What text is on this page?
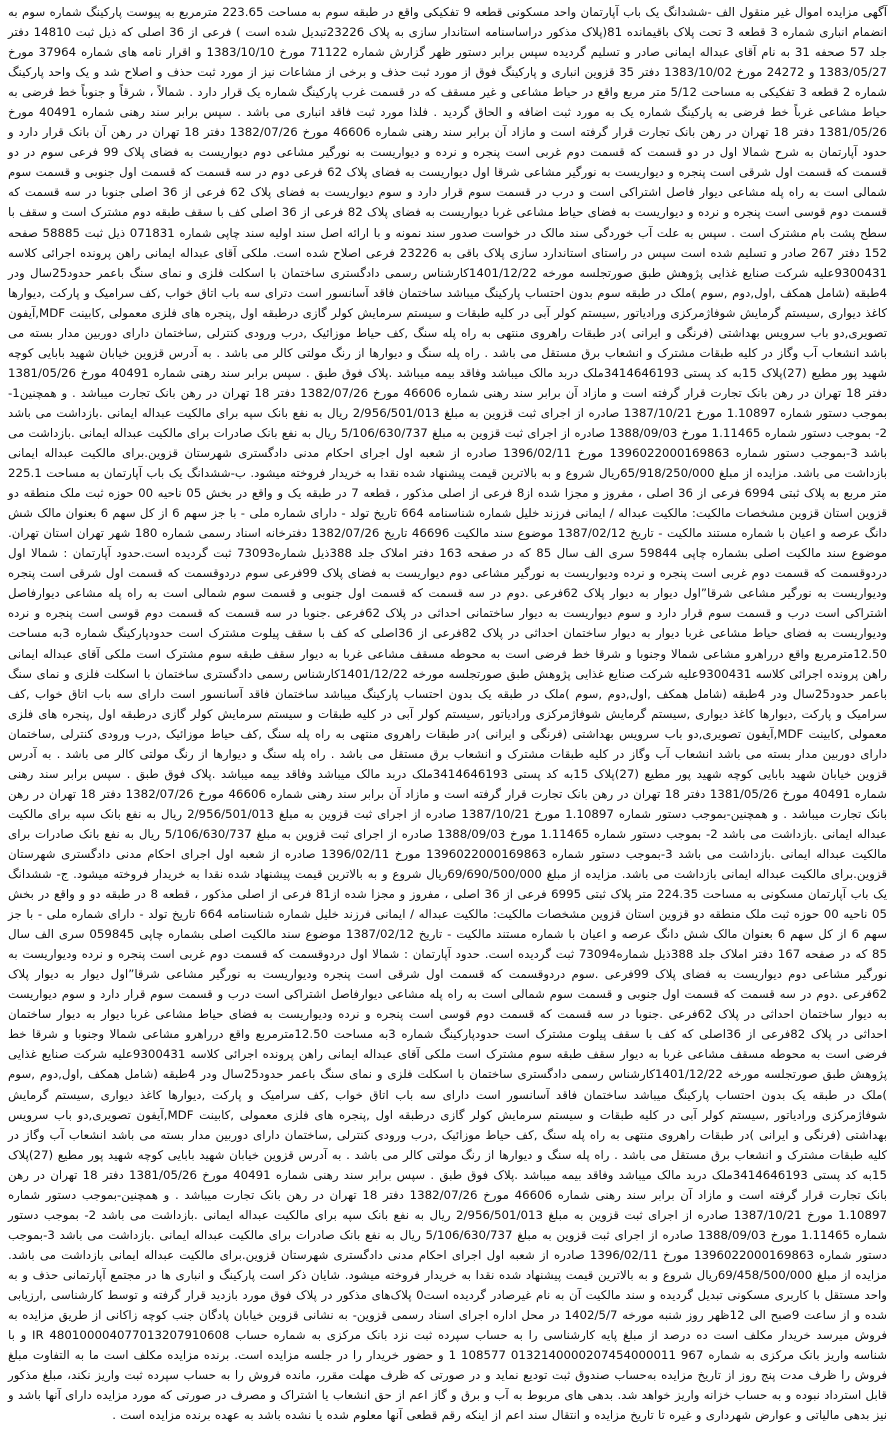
آگهی مزایده اموال غیر منقول الف -ششدانگ یک باب آپارتمان واحد مسکونی قطعه 9 تفکیکی واقع در طبقه سوم به مساحت 223.65 مترمربع به پیوست پارکینگ شماره سوم به انضمام انباری شماره 3 قطعه 3 تحت پلاک باقیمانده 81(پلاک مذکور دراساسنامه استاندار سازی به پلاک 23226تبدیل شده است ) فرعی از 36 اصلی که ذیل ثبت 14810 دفتر جلد 57 صحفه 31 به نام آقای عبداله ایمانی صادر و تسلیم گردیده سپس برابر دستور ظهر گزارش شماره 71122 مورخ 1383/10/10 و اقرار نامه های شماره 37964 مورخ 1383/05/27 و 24272 مورخ 1383/10/02 دفتر 35 قزوین انباری و پارکینگ فوق از مورد ثبت حذف و برخی از مشاعات نیز از مورد ثبت حذف و اصلاح شد و یک واحد پارکینگ شماره 2 قطعه 3 تفکیکی به مساحت 5/12 متر مربع واقع در حیاط مشاعی و غیر مسقف که در قسمت غرب پارکینگ شماره یک قرار دارد . شمالاً ، شرقاً و جنوباً خط فرضی به حیاط مشاعی غرباً خط فرضی به پارکینگ شماره یک به مورد ثبت اضافه و الحاق گردید . فلذا مورد ثبت فاقد انباری می باشد . سپس برابر سند رهنی شماره 40491 مورخ 1381/05/26 دفتر 18 تهران در رهن بانک تجارت قرار گرفته است و مازاد آن برابر سند رهنی شماره 46606 مورخ 1382/07/26 دفتر 18 تهران در رهن آن بانک قرار دارد و حدود آپارتمان به شرح شمالا اول در دو قسمت که قسمت دوم غربی است پنجره و نرده و دیواریست به نورگیر مشاعی دوم دیواریست به فضای پلاک 99 فرعی سوم در دو قسمت که قسمت اول شرقی است پنجره و دیواریست به نورگیر مشاعی شرقا اول دیواریست به فضای پلاک 62 فرعی دوم در سه قسمت که قسمت اول جنوبی و قسمت سوم شمالی است به راه پله مشاعی دیوار فاصل اشتراکی است و درب در قسمت سوم قرار دارد و سوم دیواریست به فضای پلاک 62 فرعی از 36 اصلی جنوبا در سه قسمت که قسمت دوم قوسی است پنجره و نرده و دیواریست به فضای حیاط مشاعی غربا دیواریست به فضای پلاک 82 فرعی از 36 اصلی کف با سقف طبقه دوم مشترک است و سقف با سطح پشت بام مشترک است . سپس به علت آب خوردگی سند مالک در خواست صدور سند نمونه و با ارائه اصل سند اولیه سند چاپی شماره 071831 ذیل ثبت 58885 صفحه 152 دفتر 267 صادر و تسلیم شده است سپس در راستای استاندارد سازی پلاک باقی به 23226 فرعی اصلاح شده است. ملکی آقای عبداله ایمانی راهن پرونده اجرائی کلاسه 9300431علیه شرکت صنایع غذایی پژوهش طبق صورتجلسه مورخه 1401/12/22کارشناس رسمی دادگستری ساختمان با اسکلت فلزی و نمای سنگ باعمر حدود25سال ودر 4طبقه (شامل همکف ,اول,دوم ,سوم )ملک در طبقه سوم بدون احتساب پارکینگ میباشد ساختمان فاقد آسانسور است دترای سه باب اتاق خواب ,کف سرامیک و پارکت ,دیوارها کاغذ دیواری ,سیستم گرمایش شوفاژمرکزی ورادیاتور ,سیستم کولر آبی در کلیه طبقات و سیستم سرمایش کولر گازی درطبقه اول ,پنجره های فلزی معمولی ,کابینت MDF,آیفون تصویری,دو باب سرویس بهداشتی (فرنگی و ایرانی )در طبقات راهروی منتهی به راه پله سنگ ,کف حیاط موزائیک ,درب ورودی کنترلی ,ساختمان دارای دوربین مدار بسته می باشد انشعاب آب وگاز در کلیه طبقات مشترک و انشعاب برق مستقل می باشد . راه پله سنگ و دیوارها از رنگ مولتی کالر می باشد . به آدرس قزوین خیابان شهید بابایی کوچه شهید پور مطیع (27)پلاک 15به کد پستی 3414646193ملک دربد مالک میباشد وفاقد بیمه میباشد .پلاک فوق طبق . سپس برابر سند رهنی شماره 40491 مورخ 1381/05/26 دفتر 18 تهران در رهن بانک تجارت قرار گرفته است و مازاد آن برابر سند رهنی شماره 46606 مورخ 1382/07/26 دفتر 18 تهران در رهن بانک تجارت میباشد . و همچنین1- بموجب دستور شماره 1.10897 مورخ 1387/10/21 صادره از اجرای ثبت قزوین به مبلغ 2/956/501/013 ریال به نفع بانک سپه برای مالکیت عبداله ایمانی .بازداشت می باشد 2- بموجب دستور شماره 1.11465 مورخ 1388/09/03 صادره از اجرای ثبت قزوین به مبلغ 5/106/630/737 ریال به نفع بانک صادرات برای مالکیت عبداله ایمانی .بازداشت می باشد 3-بموجب دستور شماره 139602200016986​3 مورخ 1396/02/11 صادره از شعبه اول اجرای احکام مدنی دادگستری شهرستان قزوین.برای مالکیت عبداله ایمانی بازداشت می باشد. مزایده از مبلغ 65/918/250/000ریال شروع و به بالاترین قیمت پیشنهاد شده نقدا به خریدار فروخته میشود. ب-ششدانگ یک باب آپارتمان به مساحت 225.1 متر مربع به پلاک ثبتی 6994 فرعی از 36 اصلی ، مفروز و مجزا شده از8 فرعی از اصلی مذکور ، قطعه 7 در طبقه یک و واقع در بخش 05 ناحیه 00 حوزه ثبت ملک منطقه دو قزوین استان قزوین مشخصات مالکیت: مالکیت عبداله / ایمانی فرزند خلیل شماره شناسنامه 664 تاریخ تولد - دارای شماره ملی - با جز سهم 6 از کل سهم 6 بعنوان مالک شش دانگ عرصه و اعیان با شماره مستند مالکیت - تاریخ 1387/02/12 موضوع سند مالکیت 46696 تاریخ 1382/07/26 دفترخانه اسناد رسمی شماره 180 شهر تهران استان تهران. موضوع سند مالکیت اصلی بشماره چاپی 59844 سری الف سال 85 که در صفحه 163 دفتر املاک جلد 388ذیل شماره73093 ثبت گردیده است.حدود آپارتمان : شمالا اول دردوقسمت که قسمت دوم غربی است پنجره و نرده ودیواریست به نورگیر مشاعی دوم دیواریست به فضای پلاک 99فرعی سوم دردوقسمت که قسمت اول شرقی است پنجره ودیواریست به نورگیر مشاعی شرقا”اول دیوار به دیوار پلاک 62فرعی .دوم در سه قسمت که قسمت اول جنوبی و قسمت سوم شمالی است به راه پله مشاعی دیوارفاصل اشتراکی است درب و قسمت سوم قرار دارد و سوم دیواریست به دیوار ساختمانی احداثی در پلاک 62فرعی .جنوبا در سه قسمت که قسمت دوم قوسی است پنجره و نرده ودیواریست به فضای حیاط مشاعی غربا دیوار به دیوار ساختمان احداثی در پلاک 82فرعی از 36اصلی که کف با سقف پیلوت مشترک است حدودپارکینگ شماره 3به مساحت 12.50مترمربع واقع درراهرو مشاعی شمالا وجنوبا و شرقا خط فرضی است به محوطه مسقف مشاعی غربا به دیوار سقف طبقه سوم مشترک است ملکی آقای عبداله ایمانی راهن پرونده اجرائی کلاسه 9300431علیه شرکت صنایع غذایی پژوهش طبق صورتجلسه مورخه 1401/12/22کارشناس رسمی دادگستری ساختمان با اسکلت فلزی و نمای سنگ باعمر حدود25سال ودر 4طبقه (شامل همکف ,اول,دوم ,سوم )ملک در طبقه یک بدون احتساب پارکینگ میباشد ساختمان فاقد آسانسور است دارای سه باب اتاق خواب ,کف سرامیک و پارکت ,دیوارها کاغذ دیواری ,سیستم گرمایش شوفاژمرکزی ورادیاتور ,سیستم کولر آبی در کلیه طبقات و سیستم سرمایش کولر گازی درطبقه اول ,پنجره های فلزی معمولی ,کابینت MDF,آیفون تصویری,دو باب سرویس بهداشتی (فرنگی و ایرانی )در طبقات راهروی منتهی به راه پله سنگ ,کف حیاط موزائیک ,درب ورودی کنترلی ,ساختمان دارای دوربین مدار بسته می باشد انشعاب آب وگاز در کلیه طبقات مشترک و انشعاب برق مستقل می باشد . راه پله سنگ و دیوارها از رنگ مولتی کالر می باشد . به آدرس قزوین خیابان شهید بابایی کوچه شهید پور مطیع (27)پلاک 15به کد پستی 3414646193ملک دربد مالک میباشد وفاقد بیمه میباشد .پلاک فوق طبق . سپس برابر سند رهنی شماره 40491 مورخ 1381/05/26 دفتر 18 تهران در رهن بانک تجارت قرار گرفته است و مازاد آن برابر سند رهنی شماره 46606 مورخ 1382/07/26 دفتر 18 تهران در رهن بانک تجارت میباشد . و همچنین-بموجب دستور شماره 1.10897 مورخ 1387/10/21 صادره از اجرای ثبت قزوین به مبلغ 2/956/501/013 ریال به نفع بانک سپه برای مالکیت عبداله ایمانی .بازداشت می باشد 2- بموجب دستور شماره 1.11465 مورخ 1388/09/03 صادره از اجرای ثبت قزوین به مبلغ 5/106/630/737 ریال به نفع بانک صادرات برای مالکیت عبداله ایمانی .بازداشت می باشد 3-بموجب دستور شماره 1396022000169863 مورخ 1396/02/11 صادره از شعبه اول اجرای احکام مدنی دادگستری شهرستان قزوین.برای مالکیت عبداله ایمانی بازداشت می باشد. مزایده از مبلغ 69/690/500/000ریال شروع و به بالاترین قیمت پیشنهاد شده نقدا به خریدار فروخته میشود. ج- ششدانگ یک باب آپارتمان مسکونی به مساحت 224.35 متر پلاک ثبتی 6995 فرعی از 36 اصلی ، مفروز و مجزا شده از81 فرعی از اصلی مذکور ، قطعه 8 در طبقه دو و واقع در بخش 05 ناحیه 00 حوزه ثبت ملک منطقه دو قزوین استان قزوین مشخصات مالکیت: مالکیت عبداله / ایمانی فرزند خلیل شماره شناسنامه 664 تاریخ تولد - دارای شماره ملی - با جز سهم 6 از کل سهم 6 بعنوان مالک شش دانگ عرصه و اعیان با شماره مستند مالکیت - تاریخ 1387/02/12 موضوع سند مالکیت اصلی بشماره چاپی 059845 سری الف سال 85 که در صفحه 167 دفتر املاک جلد 388ذیل شماره73094 ثبت گردیده است. حدود آپارتمان : شمالا اول دردوقسمت که قسمت دوم غربی است پنجره و نرده ودیواریست به نورگیر مشاعی دوم دیواریست به فضای پلاک 99فرعی .سوم دردوقسمت که قسمت اول شرقی است پنجره ودیواریست به نورگیر مشاعی شرقا”اول دیوار به دیوار پلاک 62فرعی .دوم در سه قسمت که قسمت اول جنوبی و قسمت سوم شمالی است به راه پله مشاعی دیوارفاصل اشتراکی است درب و قسمت سوم قرار دارد و سوم دیواریست به دیوار ساختمان احداثی در پلاک 62فرعی .جنوبا در سه قسمت که قسمت دوم قوسی است پنجره و نرده ودیواریست به فضای حیاط مشاعی غربا دیوار به دیوار ساختمان احداثی در پلاک 82فرعی از 36اصلی که کف با سقف پیلوت مشترک است حدودپارکینگ شماره 3به مساحت 12.50مترمربع واقع درراهرو مشاعی شمالا وجنوبا و شرقا خط فرضی است به محوطه مسقف مشاعی غربا به دیوار سقف طبقه سوم مشترک است ملکی آقای عبداله ایمانی راهن پرونده اجرائی کلاسه 9300431علیه شرکت صنایع غذایی پژوهش طبق صورتجلسه مورخه 1401/12/22کارشناس رسمی دادگستری ساختمان با اسکلت فلزی و نمای سنگ باعمر حدود25سال ودر 4طبقه (شامل همکف ,اول,دوم ,سوم )ملک در طبقه یک بدون احتساب پارکینگ میباشد ساختمان فاقد آسانسور است دارای سه باب اتاق خواب ,کف سرامیک و پارکت ,دیوارها کاغذ دیواری ,سیستم گرمایش شوفاژمرکزی ورادیاتور ,سیستم کولر آبی در کلیه طبقات و سیستم سرمایش کولر گازی درطبقه اول ,پنجره های فلزی معمولی ,کابینت MDF,آیفون تصویری,دو باب سرویس بهداشتی (فرنگی و ایرانی )در طبقات راهروی منتهی به راه پله سنگ ,کف حیاط موزائیک ,درب ورودی کنترلی ,ساختمان دارای دوربین مدار بسته می باشد انشعاب آب وگاز در کلیه طبقات مشترک و انشعاب برق مستقل می باشد . راه پله سنگ و دیوارها از رنگ مولتی کالر می باشد . به آدرس قزوین خیابان شهید بابایی کوچه شهید پور مطیع (27)پلاک 15به کد پستی 3414646193ملک دربد مالک میباشد وفاقد بیمه میباشد .پلاک فوق طبق . سپس برابر سند رهنی شماره 40491 مورخ 1381/05/26 دفتر 18 تهران در رهن بانک تجارت قرار گرفته است و مازاد آن برابر سند رهنی شماره 46606 مورخ 1382/07/26 دفتر 18 تهران در رهن بانک تجارت میباشد . و همچنین-بموجب دستور شماره 1.10897 مورخ 1387/10/21 صادره از اجرای ثبت قزوین به مبلغ 2/956/501/013 ریال به نفع بانک سپه برای مالکیت عبداله ایمانی .بازداشت می باشد 2- بموجب دستور شماره 1.11465 مورخ 1388/09/03 صادره از اجرای ثبت قزوین به مبلغ 5/106/630/737 ریال به نفع بانک صادرات برای مالکیت عبداله ایمانی .بازداشت می باشد 3-بموجب دستور شماره 1396022000169863 مورخ 1396/02/11 صادره از شعبه اول اجرای احکام مدنی دادگستری شهرستان قزوین.برای مالکیت عبداله ایمانی بازداشت می باشد. مزایده از مبلغ 69/458/500/000ریال شروع و به بالاترین قیمت پیشنهاد شده نقدا به خریدار فروخته میشود. شایان ذکر است پارکینگ و انباری ها در مجتمع آپارتمانی حذف و به واحد مستقل با کاربری مسکونی تبدیل گردیده و سند مالکیت آن به نام غیرصادر گردیده است0 پلاک‌های مذکور در پلاک فوق مورد بازدید قرار گرفته و توسط کارشناسی ,ارزیابی شده و از ساعت 9صبح الی 12ظهر روز شنبه مورخه 1402/5/7 در محل اداره اجرای اسناد رسمی قزوین- به نشانی قزوین خیابان پادگان جنب کوچه زاکانی از طریق مزایده به فروش میرسد خریدار مکلف است ده درصد از مبلغ پایه کارشناسی را به حساب سپرده ثبت نزد بانک مرکزی به شماره حساب IR 480100004077013207910608 و با شناسه واریز بانک مرکزی به شماره 967 0132140000207454000011 108577 1 و حضور خریدار را در جلسه مزایده است. برنده مزایده مکلف است ما به التفاوت مبلغ فروش را ظرف مدت پنج روز از تاریخ مزایده به‌حساب صندوق ثبت تودیع نماید و در صورتی که ظرف مهلت مقرر، مانده فروش را به حساب سپرده ثبت واریز نکند، مبلغ مذکور قابل استرداد نبوده و به حساب خزانه واریز خواهد شد. بدهی های مربوط به آب و برق و گاز اعم از حق انشعاب یا اشتراک و مصرف در صورتی که مورد مزایده دارای آنها باشد و نیز بدهی مالیاتی و عوارض شهرداری و غیره تا تاریخ مزایده و انتقال سند اعم از اینکه رقم قطعی آنها معلوم شده یا نشده باشد به عهده برنده مزایده است .
